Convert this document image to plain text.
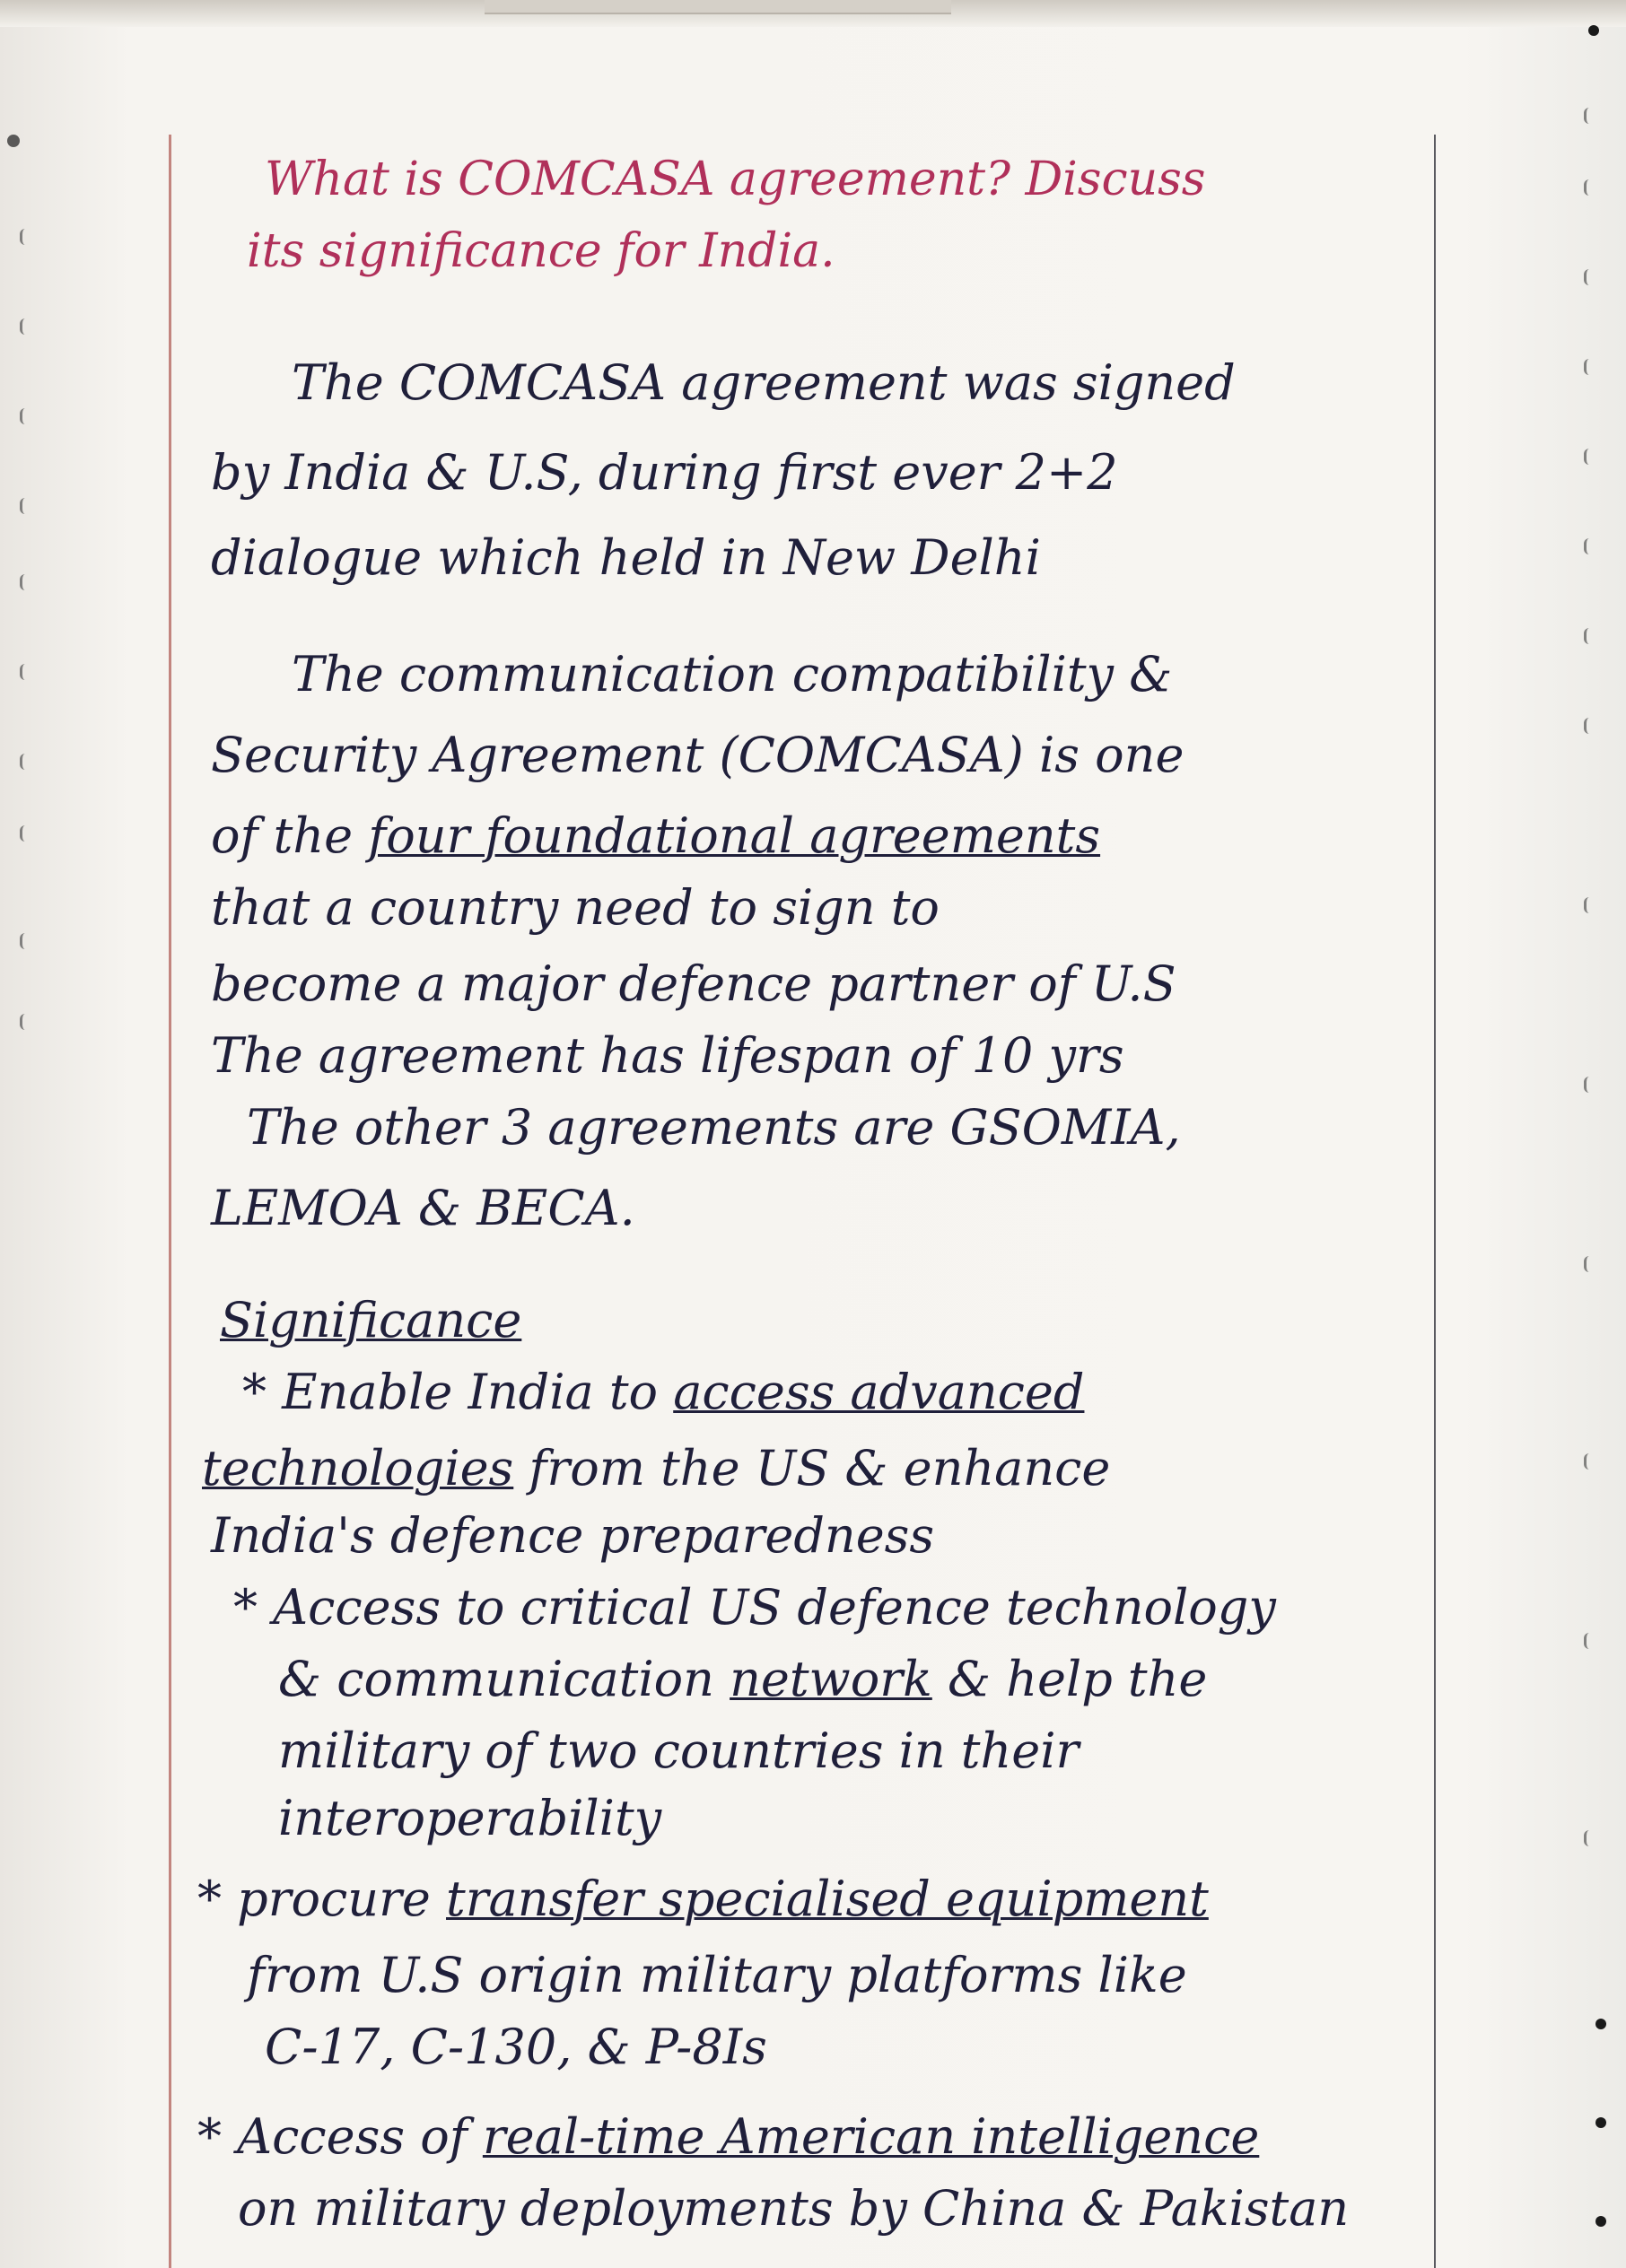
What is COMCASA agreement? Discuss
its significance for India.
The COMCASA agreement was signed
by India & U.S, during first ever 2+2
dialogue which held in New Delhi
The communication compatibility &
Security Agreement (COMCASA) is one
of the four foundational agreements
that a country need to sign to
become a major defence partner of U.S
The agreement has lifespan of 10 yrs
The other 3 agreements are GSOMIA,
LEMOA & BECA.
Significance
* Enable India to access advanced
technologies from the US & enhance
India's defence preparedness
* Access to critical US defence technology
& communication network & help the
military of two countries in their
interoperability
* procure transfer specialised equipment
from U.S origin military platforms like
C-17, C-130, & P-8Is
* Access of real-time American intelligence
on military deployments by China & Pakistan
